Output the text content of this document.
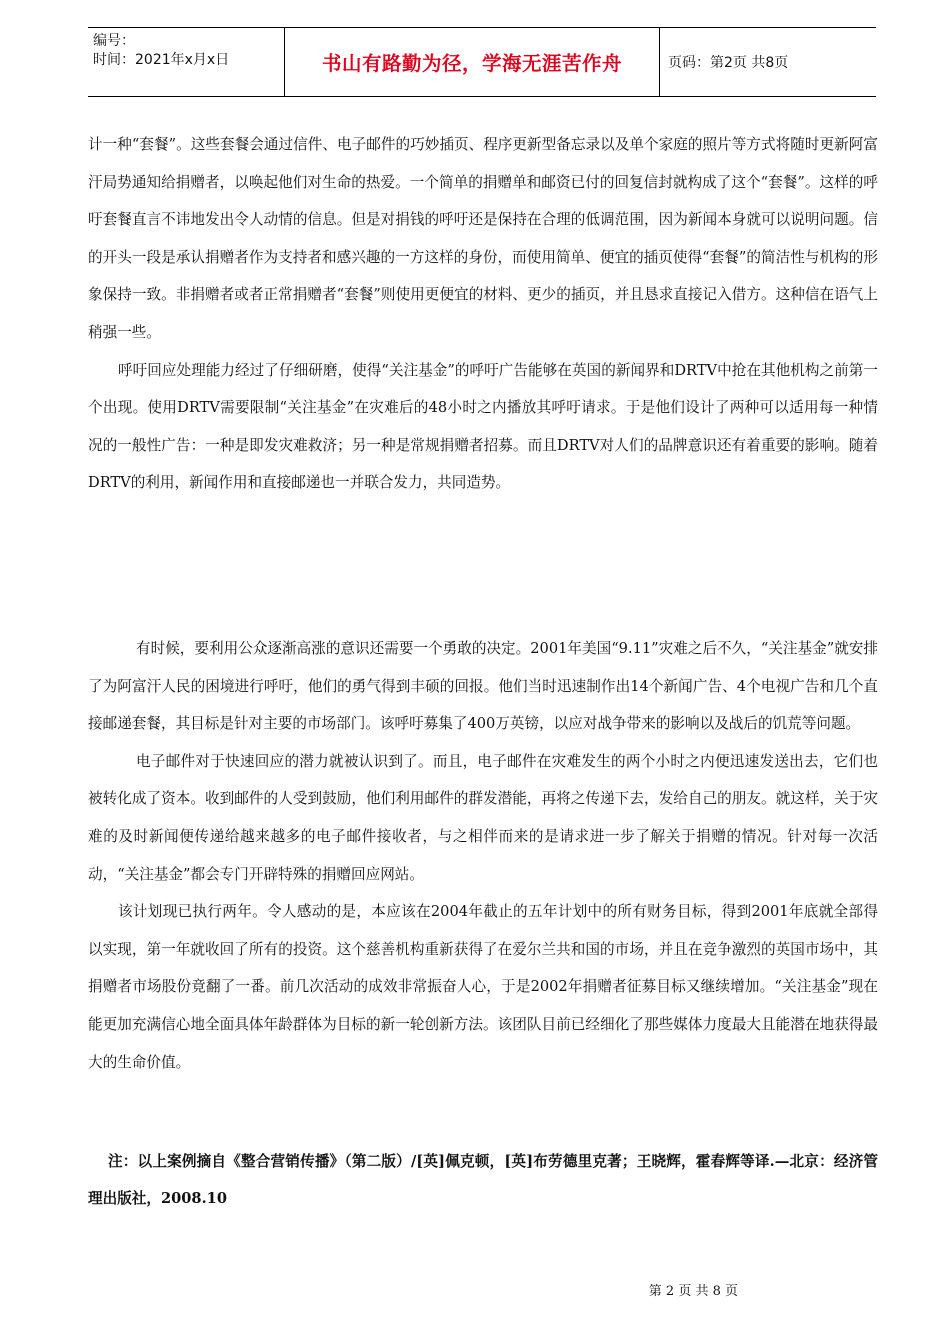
编号：
时间：2021年x月x日	书山有路勤为径，学海无涯苦作舟	页码：第2页 共8页

计一种“套餐”。这些套餐会通过信件、电子邮件的巧妙插页、程序更新型备忘录以及单个家庭的照片等方式将随时更新阿富汗局势通知给捐赠者，以唤起他们对生命的热爱。一个简单的捐赠单和邮资已付的回复信封就构成了这个“套餐”。这样的呼吁套餐直言不讳地发出令人动情的信息。但是对捐钱的呼吁还是保持在合理的低调范围，因为新闻本身就可以说明问题。信的开头一段是承认捐赠者作为支持者和感兴趣的一方这样的身份，而使用简单、便宜的插页使得“套餐”的简洁性与机构的形象保持一致。非捐赠者或者正常捐赠者“套餐”则使用更便宜的材料、更少的插页，并且恳求直接记入借方。这种信在语气上稍强一些。

呼吁回应处理能力经过了仔细研磨，使得“关注基金”的呼吁广告能够在英国的新闻界和DRTV中抢在其他机构之前第一个出现。使用DRTV需要限制“关注基金”在灾难后的48小时之内播放其呼吁请求。于是他们设计了两种可以适用每一种情况的一般性广告：一种是即发灾难救济；另一种是常规捐赠者招募。而且DRTV对人们的品牌意识还有着重要的影响。随着DRTV的利用，新闻作用和直接邮递也一并联合发力，共同造势。

有时候，要利用公众逐渐高涨的意识还需要一个勇敢的决定。2001年美国“9.11”灾难之后不久，“关注基金”就安排了为阿富汗人民的困境进行呼吁，他们的勇气得到丰硕的回报。他们当时迅速制作出14个新闻广告、4个电视广告和几个直接邮递套餐，其目标是针对主要的市场部门。该呼吁募集了400万英镑，以应对战争带来的影响以及战后的饥荒等问题。

电子邮件对于快速回应的潜力就被认识到了。而且，电子邮件在灾难发生的两个小时之内便迅速发送出去，它们也被转化成了资本。收到邮件的人受到鼓励，他们利用邮件的群发潜能，再将之传递下去，发给自己的朋友。就这样，关于灾难的及时新闻便传递给越来越多的电子邮件接收者，与之相伴而来的是请求进一步了解关于捐赠的情况。针对每一次活动，“关注基金”都会专门开辟特殊的捐赠回应网站。

该计划现已执行两年。令人感动的是，本应该在2004年截止的五年计划中的所有财务目标，得到2001年底就全部得以实现，第一年就收回了所有的投资。这个慈善机构重新获得了在爱尔兰共和国的市场，并且在竞争激烈的英国市场中，其捐赠者市场股份竟翻了一番。前几次活动的成效非常振奋人心，于是2002年捐赠者征募目标又继续增加。“关注基金”现在能更加充满信心地全面具体年龄群体为目标的新一轮创新方法。该团队目前已经细化了那些媒体力度最大且能潜在地获得最大的生命价值。

注：以上案例摘自《整合营销传播》（第二版）/[英]佩克顿，[英]布劳德里克著；王晓辉，霍春辉等译.—北京：经济管理出版社，2008.10

第 2 页 共 8 页
